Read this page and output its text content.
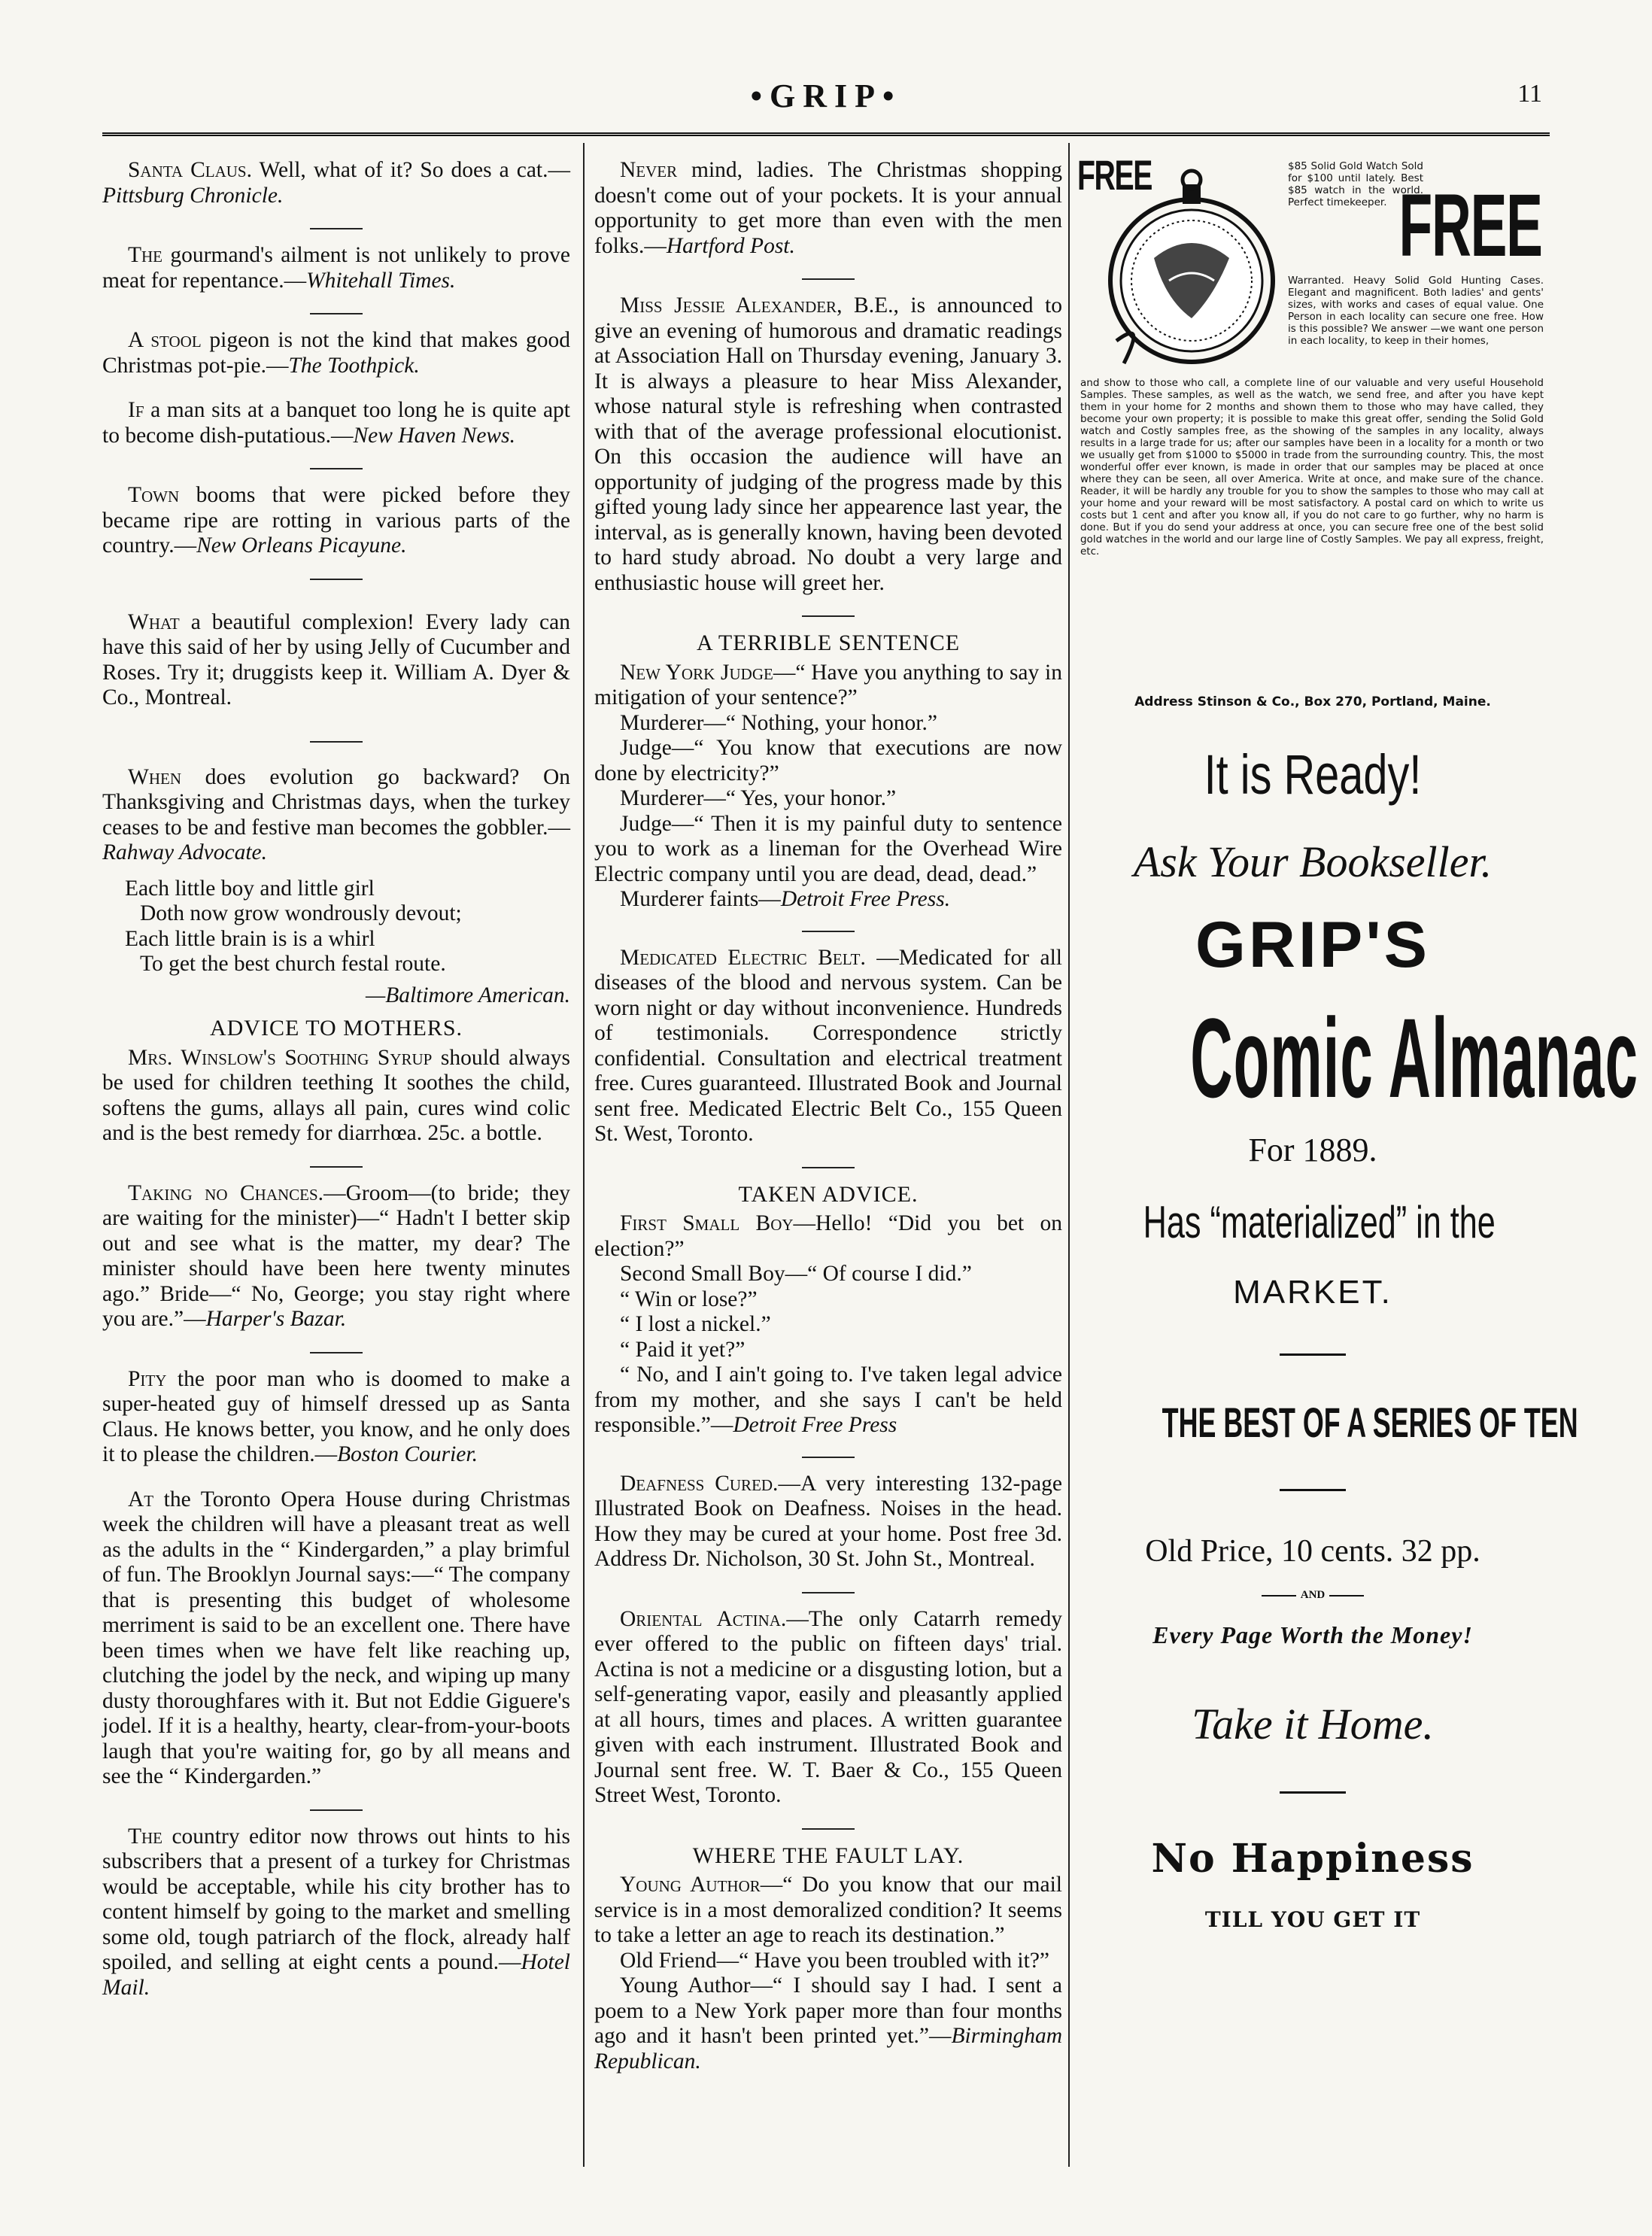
•GRIP•	11

Santa Claus. Well, what of it? So does a cat.—Pittsburg Chronicle.

The gourmand's ailment is not unlikely to prove meat for repentance.—Whitehall Times.

A stool pigeon is not the kind that makes good Christmas pot-pie.—The Toothpick.

If a man sits at a banquet too long he is quite apt to become dish-putatious.—New Haven News.

Town booms that were picked before they became ripe are rotting in various parts of the country.—New Orleans Picayune.

What a beautiful complexion! Every lady can have this said of her by using Jelly of Cucumber and Roses. Try it; druggists keep it. William A. Dyer & Co., Montreal.

When does evolution go backward? On Thanksgiving and Christmas days, when the turkey ceases to be and festive man becomes the gobbler.—Rahway Advocate.

Each little boy and little girl
Doth now grow wondrously devout;
Each little brain is is a whirl
To get the best church festal route.
—Baltimore American.
ADVICE TO MOTHERS.

Mrs. Winslow's Soothing Syrup should always be used for children teething It soothes the child, softens the gums, allays all pain, cures wind colic and is the best remedy for diarrhœa. 25c. a bottle.

Taking no Chances.—Groom—(to bride; they are waiting for the minister)—“ Hadn't I better skip out and see what is the matter, my dear? The minister should have been here twenty minutes ago.” Bride—“ No, George; you stay right where you are.”—Harper's Bazar.

Pity the poor man who is doomed to make a super-heated guy of himself dressed up as Santa Claus. He knows better, you know, and he only does it to please the children.—Boston Courier.

At the Toronto Opera House during Christmas week the children will have a pleasant treat as well as the adults in the “ Kindergarden,” a play brimful of fun. The Brooklyn Journal says:—“ The company that is presenting this budget of wholesome merriment is said to be an excellent one. There have been times when we have felt like reaching up, clutching the jodel by the neck, and wiping up many dusty thoroughfares with it. But not Eddie Giguere's jodel. If it is a healthy, hearty, clear-from-your-boots laugh that you're waiting for, go by all means and see the “ Kindergarden.”

The country editor now throws out hints to his subscribers that a present of a turkey for Christmas would be acceptable, while his city brother has to content himself by going to the market and smelling some old, tough patriarch of the flock, already half spoiled, and selling at eight cents a pound.—Hotel Mail.

Never mind, ladies. The Christmas shopping doesn't come out of your pockets. It is your annual opportunity to get more than even with the men folks.—Hartford Post.

Miss Jessie Alexander, B.E., is announced to give an evening of humorous and dramatic readings at Association Hall on Thursday evening, January 3. It is always a pleasure to hear Miss Alexander, whose natural style is refreshing when contrasted with that of the average professional elocutionist. On this occasion the audience will have an opportunity of judging of the progress made by this gifted young lady since her appearence last year, the interval, as is generally known, having been devoted to hard study abroad. No doubt a very large and enthusiastic house will greet her.

A TERRIBLE SENTENCE

New York Judge—“ Have you anything to say in mitigation of your sentence?”

Murderer—“ Nothing, your honor.”

Judge—“ You know that executions are now done by electricity?”

Murderer—“ Yes, your honor.”

Judge—“ Then it is my painful duty to sentence you to work as a lineman for the Overhead Wire Electric company until you are dead, dead, dead.”

Murderer faints—Detroit Free Press.

Medicated Electric Belt. —Medicated for all diseases of the blood and nervous system. Can be worn night or day without inconvenience. Hundreds of testimonials. Correspondence strictly confidential. Consultation and electrical treatment free. Cures guaranteed. Illustrated Book and Journal sent free. Medicated Electric Belt Co., 155 Queen St. West, Toronto.

TAKEN ADVICE.

First Small Boy—Hello! “Did you bet on election?”

Second Small Boy—“ Of course I did.”

“ Win or lose?”

“ I lost a nickel.”

“ Paid it yet?”

“ No, and I ain't going to. I've taken legal advice from my mother, and she says I can't be held responsible.”—Detroit Free Press

Deafness Cured.—A very interesting 132-page Illustrated Book on Deafness. Noises in the head. How they may be cured at your home. Post free 3d. Address Dr. Nicholson, 30 St. John St., Montreal.

Oriental Actina.—The only Catarrh remedy ever offered to the public on fifteen days' trial. Actina is not a medicine or a disgusting lotion, but a self-generating vapor, easily and pleasantly applied at all hours, times and places. A written guarantee given with each instrument. Illustrated Book and Journal sent free. W. T. Baer & Co., 155 Queen Street West, Toronto.

WHERE THE FAULT LAY.

Young Author—“ Do you know that our mail service is in a most demoralized condition? It seems to take a letter an age to reach its destination.”

Old Friend—“ Have you been troubled with it?”

Young Author—“ I should say I had. I sent a poem to a New York paper more than four months ago and it hasn't been printed yet.”—Birmingham Republican.

FREE
FREE
$85 Solid Gold Watch Sold for $100 until lately. Best $85 watch in the world. Perfect timekeeper.
Warranted. Heavy Solid Gold Hunting Cases. Elegant and magnificent. Both ladies' and gents' sizes, with works and cases of equal value. One Person in each locality can secure one free. How is this possible? We answer —we want one person in each locality, to keep in their homes,
and show to those who call, a complete line of our valuable and very useful Household Samples. These samples, as well as the watch, we send free, and after you have kept them in your home for 2 months and shown them to those who may have called, they become your own property; it is possible to make this great offer, sending the Solid Gold watch and Costly samples free, as the showing of the samples in any locality, always results in a large trade for us; after our samples have been in a locality for a month or two we usually get from $1000 to $5000 in trade from the surrounding country. This, the most wonderful offer ever known, is made in order that our samples may be placed at once where they can be seen, all over America. Write at once, and make sure of the chance. Reader, it will be hardly any trouble for you to show the samples to those who may call at your home and your reward will be most satisfactory. A postal card on which to write us costs but 1 cent and after you know all, if you do not care to go further, why no harm is done. But if you do send your address at once, you can secure free one of the best solid gold watches in the world and our large line of Costly Samples. We pay all express, freight, etc.
Address Stinson & Co., Box 270, Portland, Maine.
It is Ready!
Ask Your Bookseller.
GRIP'S
Comic Almanac
For 1889.
Has “materialized” in the
MARKET.
THE BEST OF A SERIES OF TEN
Old Price, 10 cents. 32 pp.
AND
Every Page Worth the Money!
Take it Home.
No Happiness
TILL YOU GET IT
